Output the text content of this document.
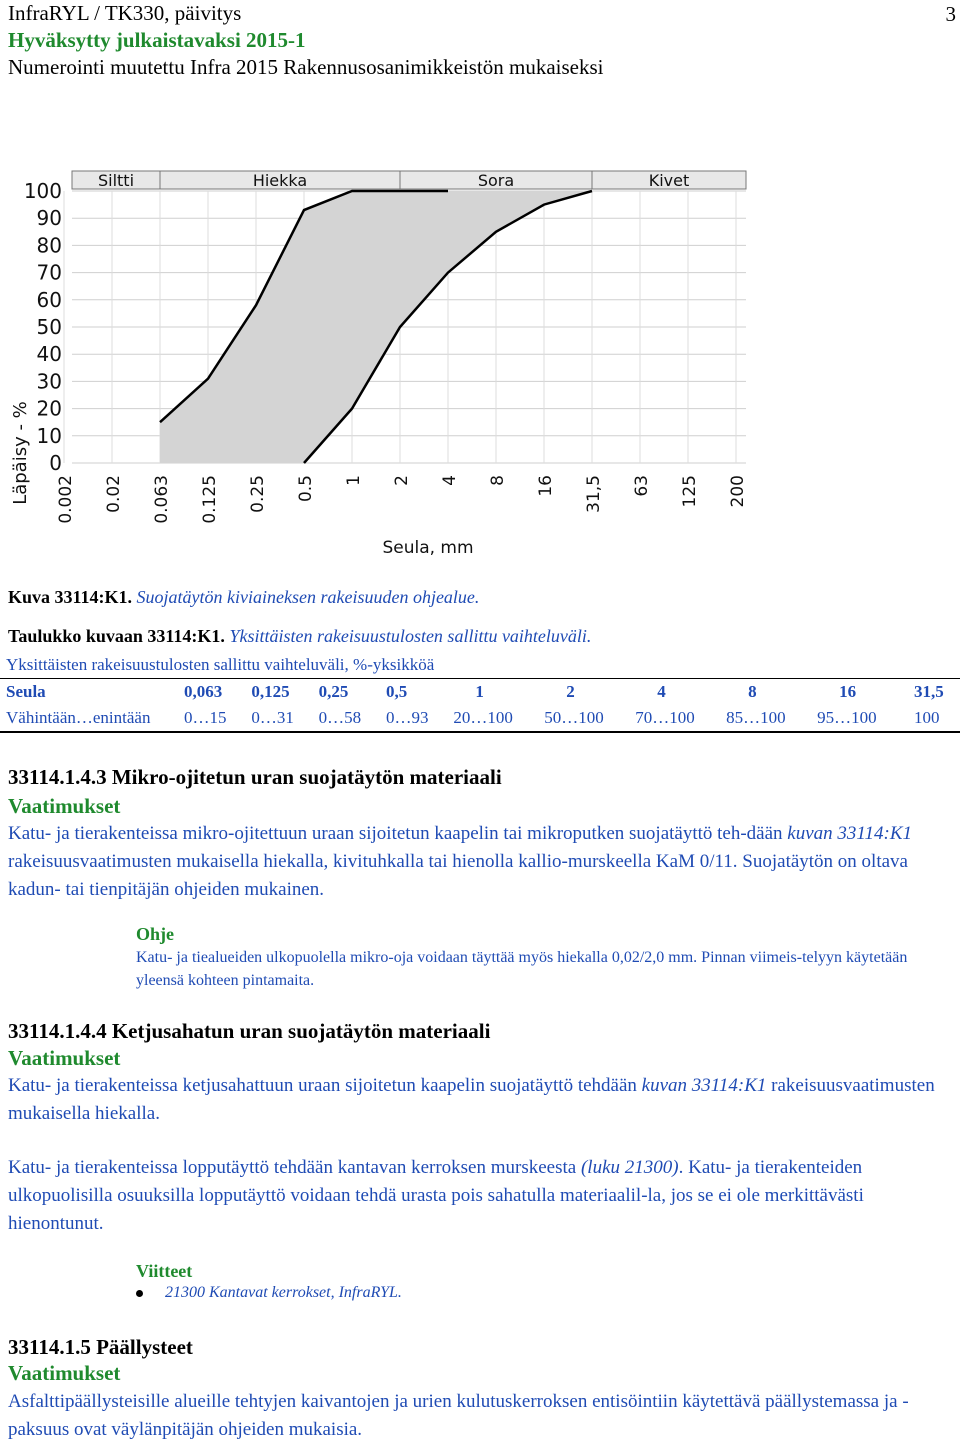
InfraRYL / TK330, päivitys
Hyväksytty julkaistavaksi 2015-1
Numerointi muutettu Infra 2015 Rakennusosanimikkeistön mukaiseksi
3
Siltti	Hiekka	Sora	Kivet
100
90
80
70
60
50
40
30
20
10
0
0.002 0.02 0.063 0.125 0.25 0.5 1 2 4 8 16 31,5 63 125 200
Läpäisy - %
Seula, mm
Kuva 33114:K1. Suojatäytön kiviaineksen rakeisuuden ohjealue.
Taulukko kuvaan 33114:K1. Yksittäisten rakeisuustulosten sallittu vaihteluväli.
Yksittäisten rakeisuustulosten sallittu vaihteluväli, %-yksikköä										
Seula	0,063	0,125	0,25	0,5	1	2	4	8	16	31,5
Vähintään…enintään	0…15	0…31	0…58	0…93	20…100	50…100	70…100	85…100	95…100	100
33114.1.4.3 Mikro-ojitetun uran suojatäytön materiaali
Vaatimukset
Katu- ja tierakenteissa mikro-ojitettuun uraan sijoitetun kaapelin tai mikroputken suojatäyttö teh-dään kuvan 33114:K1 rakeisuusvaatimusten mukaisella hiekalla, kivituhkalla tai hienolla kallio-murskeella KaM 0/11. Suojatäytön on oltava kadun- tai tienpitäjän ohjeiden mukainen.
Ohje
Katu- ja tiealueiden ulkopuolella mikro-oja voidaan täyttää myös hiekalla 0,02/2,0 mm. Pinnan viimeis-telyyn käytetään yleensä kohteen pintamaita.
33114.1.4.4 Ketjusahatun uran suojatäytön materiaali
Vaatimukset
Katu- ja tierakenteissa ketjusahattuun uraan sijoitetun kaapelin suojatäyttö tehdään kuvan 33114:K1 rakeisuusvaatimusten mukaisella hiekalla.
Katu- ja tierakenteissa lopputäyttö tehdään kantavan kerroksen murskeesta (luku 21300). Katu- ja tierakenteiden ulkopuolisilla osuuksilla lopputäyttö voidaan tehdä urasta pois sahatulla materiaalil-la, jos se ei ole merkittävästi hienontunut.
Viitteet
21300 Kantavat kerrokset, InfraRYL.
33114.1.5 Päällysteet
Vaatimukset
Asfalttipäällysteisille alueille tehtyjen kaivantojen ja urien kulutuskerroksen entisöintiin käytettävä päällystemassa ja -paksuus ovat väylänpitäjän ohjeiden mukaisia.
